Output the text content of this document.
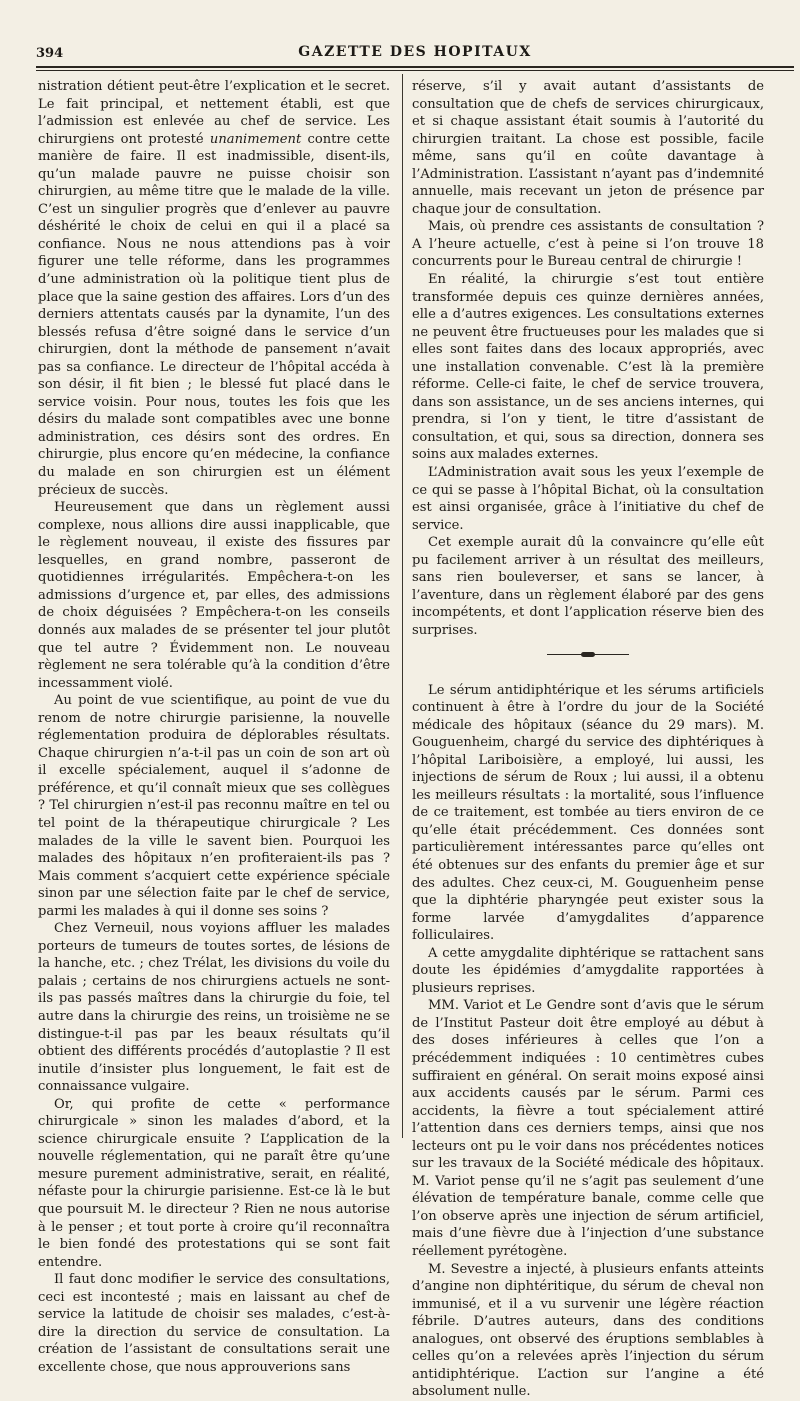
394	GAZETTE DES HOPITAUX

nistration détient peut-être l’explication et le secret. Le fait principal, et nettement établi, est que l’admission est enlevée au chef de service. Les chirurgiens ont protesté unanimement contre cette manière de faire. Il est inadmissible, disent-ils, qu’un malade pauvre ne puisse choisir son chirurgien, au même titre que le malade de la ville. C’est un singulier progrès que d’enlever au pauvre déshérité le choix de celui en qui il a placé sa confiance. Nous ne nous attendions pas à voir figurer une telle réforme, dans les programmes d’une administration où la politique tient plus de place que la saine gestion des affaires. Lors d’un des derniers attentats causés par la dynamite, l’un des blessés refusa d’être soigné dans le service d’un chirurgien, dont la méthode de pansement n’avait pas sa confiance. Le directeur de l’hôpital accéda à son désir, il fit bien ; le blessé fut placé dans le service voisin. Pour nous, toutes les fois que les désirs du malade sont compatibles avec une bonne administration, ces désirs sont des ordres. En chirurgie, plus encore qu’en médecine, la confiance du malade en son chirurgien est un élément précieux de succès.

Heureusement que dans un règlement aussi complexe, nous allions dire aussi inapplicable, que le règlement nouveau, il existe des fissures par lesquelles, en grand nombre, passeront de quotidiennes irrégularités. Empêchera-t-on les admissions d’urgence et, par elles, des admissions de choix déguisées ? Empêchera-t-on les conseils donnés aux malades de se présenter tel jour plutôt que tel autre ? Évidemment non. Le nouveau règlement ne sera tolérable qu’à la condition d’être incessamment violé.

Au point de vue scientifique, au point de vue du renom de notre chirurgie parisienne, la nouvelle réglementation produira de déplorables résultats. Chaque chirurgien n’a-t-il pas un coin de son art où il excelle spécialement, auquel il s’adonne de préférence, et qu’il connaît mieux que ses collègues ? Tel chirurgien n’est-il pas reconnu maître en tel ou tel point de la thérapeutique chirurgicale ? Les malades de la ville le savent bien. Pourquoi les malades des hôpitaux n’en profiteraient-ils pas ? Mais comment s’acquiert cette expérience spéciale sinon par une sélection faite par le chef de service, parmi les malades à qui il donne ses soins ?

Chez Verneuil, nous voyions affluer les malades porteurs de tumeurs de toutes sortes, de lésions de la hanche, etc. ; chez Trélat, les divisions du voile du palais ; certains de nos chirurgiens actuels ne sont-ils pas passés maîtres dans la chirurgie du foie, tel autre dans la chirurgie des reins, un troisième ne se distingue-t-il pas par les beaux résultats qu’il obtient des différents procédés d’autoplastie ? Il est inutile d’insister plus longuement, le fait est de connaissance vulgaire.

Or, qui profite de cette « performance chirurgicale » sinon les malades d’abord, et la science chirurgicale ensuite ? L’application de la nouvelle réglementation, qui ne paraît être qu’une mesure purement administrative, serait, en réalité, néfaste pour la chirurgie parisienne. Est-ce là le but que poursuit M. le directeur ? Rien ne nous autorise à le penser ; et tout porte à croire qu’il reconnaîtra le bien fondé des protestations qui se sont fait entendre.

Il faut donc modifier le service des consultations, ceci est incontesté ; mais en laissant au chef de service la latitude de choisir ses malades, c’est-à-dire la direction du service de consultation. La création de l’assistant de consultations serait une excellente chose, que nous approuverions sans

réserve, s’il y avait autant d’assistants de consultation que de chefs de services chirurgicaux, et si chaque assistant était soumis à l’autorité du chirurgien traitant. La chose est possible, facile même, sans qu’il en coûte davantage à l’Administration. L’assistant n’ayant pas d’indemnité annuelle, mais recevant un jeton de présence par chaque jour de consultation.

Mais, où prendre ces assistants de consultation ? A l’heure actuelle, c’est à peine si l’on trouve 18 concurrents pour le Bureau central de chirurgie !

En réalité, la chirurgie s’est tout entière transformée depuis ces quinze dernières années, elle a d’autres exigences. Les consultations externes ne peuvent être fructueuses pour les malades que si elles sont faites dans des locaux appropriés, avec une installation convenable. C’est là la première réforme. Celle-ci faite, le chef de service trouvera, dans son assistance, un de ses anciens internes, qui prendra, si l’on y tient, le titre d’assistant de consultation, et qui, sous sa direction, donnera ses soins aux malades externes.

L’Administration avait sous les yeux l’exemple de ce qui se passe à l’hôpital Bichat, où la consultation est ainsi organisée, grâce à l’initiative du chef de service.

Cet exemple aurait dû la convaincre qu’elle eût pu facilement arriver à un résultat des meilleurs, sans rien bouleverser, et sans se lancer, à l’aventure, dans un règlement élaboré par des gens incompétents, et dont l’application réserve bien des surprises.

Le sérum antidiphtérique et les sérums artificiels continuent à être à l’ordre du jour de la Société médicale des hôpitaux (séance du 29 mars). M. Gouguenheim, chargé du service des diphtériques à l’hôpital Lariboisière, a employé, lui aussi, les injections de sérum de Roux ; lui aussi, il a obtenu les meilleurs résultats : la mortalité, sous l’influence de ce traitement, est tombée au tiers environ de ce qu’elle était précédemment. Ces données sont particulièrement intéressantes parce qu’elles ont été obtenues sur des enfants du premier âge et sur des adultes. Chez ceux-ci, M. Gouguenheim pense que la diphtérie pharyngée peut exister sous la forme larvée d’amygdalites d’apparence folliculaires.

A cette amygdalite diphtérique se rattachent sans doute les épidémies d’amygdalite rapportées à plusieurs reprises.

MM. Variot et Le Gendre sont d’avis que le sérum de l’Institut Pasteur doit être employé au début à des doses inférieures à celles que l’on a précédemment indiquées : 10 centimètres cubes suffiraient en général. On serait moins exposé ainsi aux accidents causés par le sérum. Parmi ces accidents, la fièvre a tout spécialement attiré l’attention dans ces derniers temps, ainsi que nos lecteurs ont pu le voir dans nos précédentes notices sur les travaux de la Société médicale des hôpitaux. M. Variot pense qu’il ne s’agit pas seulement d’une élévation de température banale, comme celle que l’on observe après une injection de sérum artificiel, mais d’une fièvre due à l’injection d’une substance réellement pyrétogène.

M. Sevestre a injecté, à plusieurs enfants atteints d’angine non diphtéritique, du sérum de cheval non immunisé, et il a vu survenir une légère réaction fébrile. D’autres auteurs, dans des conditions analogues, ont observé des éruptions semblables à celles qu’on a relevées après l’injection du sérum antidiphtérique. L’action sur l’angine a été absolument nulle.
